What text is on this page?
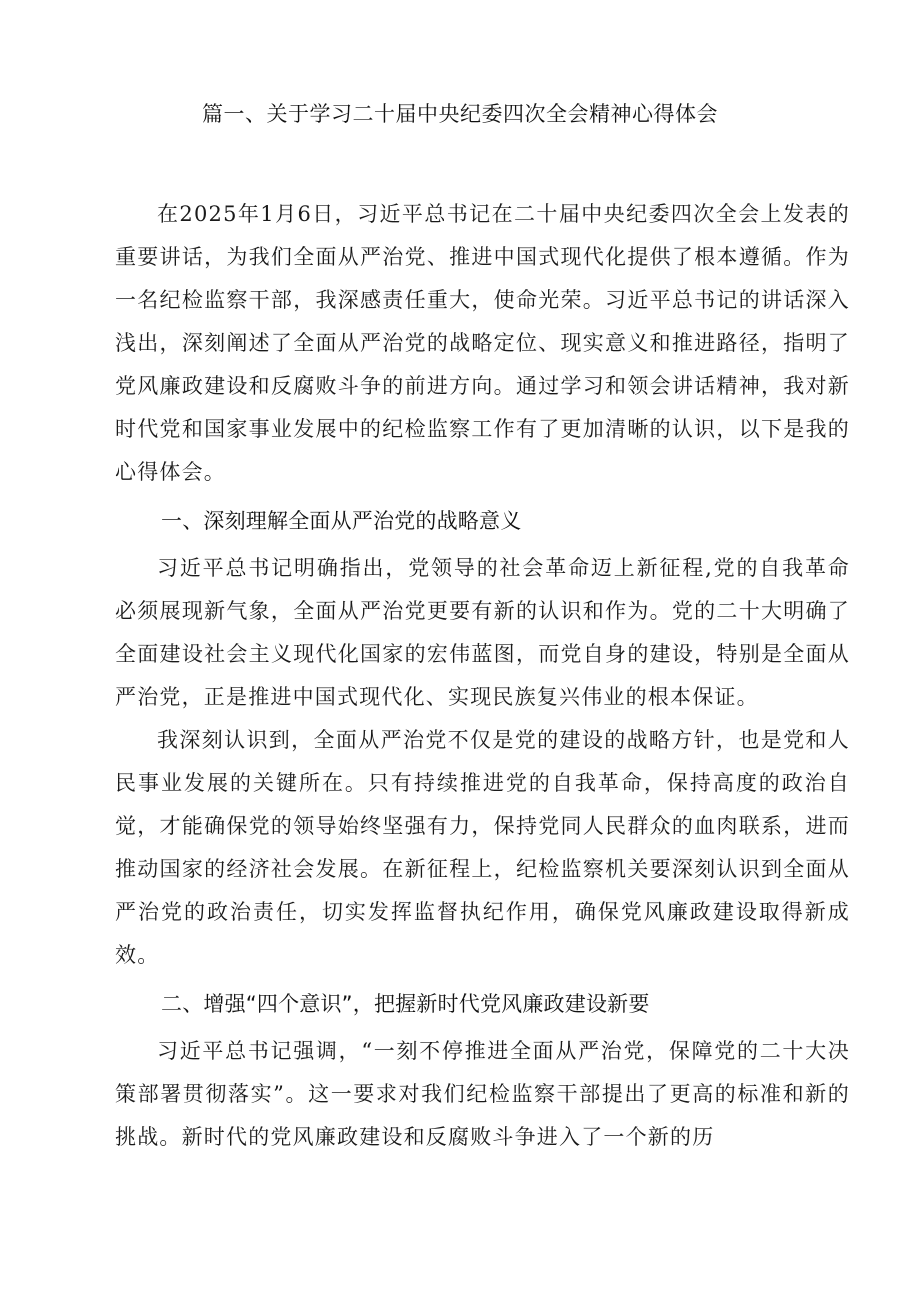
篇一、关于学习二十届中央纪委四次全会精神心得体会

在2025年1月6日，习近平总书记在二十届中央纪委四次全会上发表的重要讲话，为我们全面从严治党、推进中国式现代化提供了根本遵循。作为一名纪检监察干部，我深感责任重大，使命光荣。习近平总书记的讲话深入浅出，深刻阐述了全面从严治党的战略定位、现实意义和推进路径，指明了党风廉政建设和反腐败斗争的前进方向。通过学习和领会讲话精神，我对新时代党和国家事业发展中的纪检监察工作有了更加清晰的认识，以下是我的心得体会。

一、深刻理解全面从严治党的战略意义

习近平总书记明确指出，党领导的社会革命迈上新征程,党的自我革命必须展现新气象，全面从严治党更要有新的认识和作为。党的二十大明确了全面建设社会主义现代化国家的宏伟蓝图，而党自身的建设，特别是全面从严治党，正是推进中国式现代化、实现民族复兴伟业的根本保证。

我深刻认识到，全面从严治党不仅是党的建设的战略方针，也是党和人民事业发展的关键所在。只有持续推进党的自我革命，保持高度的政治自觉，才能确保党的领导始终坚强有力，保持党同人民群众的血肉联系，进而推动国家的经济社会发展。在新征程上，纪检监察机关要深刻认识到全面从严治党的政治责任，切实发挥监督执纪作用，确保党风廉政建设取得新成效。

二、增强“四个意识”，把握新时代党风廉政建设新要

习近平总书记强调，“一刻不停推进全面从严治党，保障党的二十大决策部署贯彻落实”。这一要求对我们纪检监察干部提出了更高的标准和新的挑战。新时代的党风廉政建设和反腐败斗争进入了一个新的历
